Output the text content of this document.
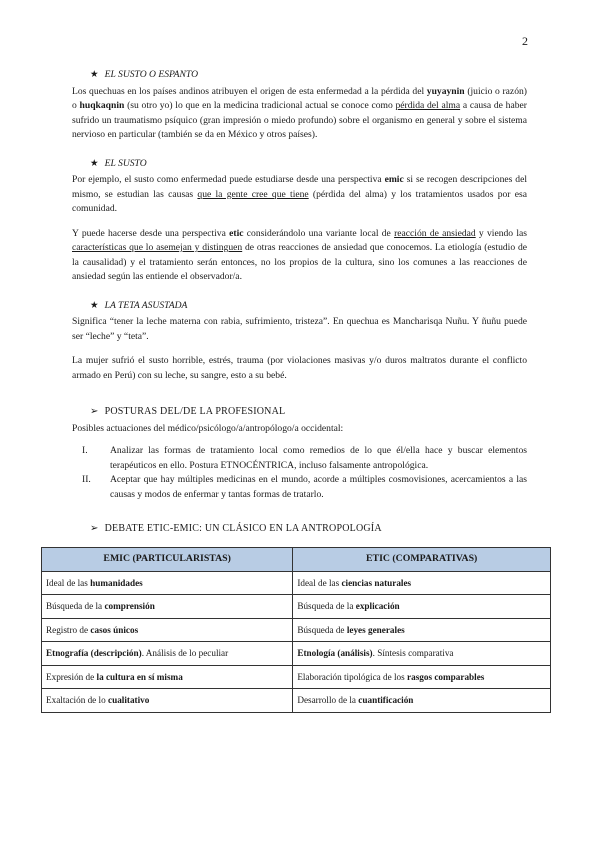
2

★ EL SUSTO O ESPANTO

Los quechuas en los países andinos atribuyen el origen de esta enfermedad a la pérdida del yuyaynin (juicio o razón) o huqkaqnin (su otro yo) lo que en la medicina tradicional actual se conoce como pérdida del alma a causa de haber sufrido un traumatismo psíquico (gran impresión o miedo profundo) sobre el organismo en general y sobre el sistema nervioso en particular (también se da en México y otros países).

★ EL SUSTO

Por ejemplo, el susto como enfermedad puede estudiarse desde una perspectiva emic si se recogen descripciones del mismo, se estudian las causas que la gente cree que tiene (pérdida del alma) y los tratamientos usados por esa comunidad.

Y puede hacerse desde una perspectiva etic considerándolo una variante local de reacción de ansiedad y viendo las características que lo asemejan y distinguen de otras reacciones de ansiedad que conocemos. La etiología (estudio de la causalidad) y el tratamiento serán entonces, no los propios de la cultura, sino los comunes a las reacciones de ansiedad según las entiende el observador/a.

★ LA TETA ASUSTADA

Significa “tener la leche materna con rabia, sufrimiento, tristeza”. En quechua es Mancharisqa Nuñu. Y ñuñu puede ser “leche” y “teta”.

La mujer sufrió el susto horrible, estrés, trauma (por violaciones masivas y/o duros maltratos durante el conflicto armado en Perú) con su leche, su sangre, esto a su bebé.

➢ POSTURAS DEL/DE LA PROFESIONAL

Posibles actuaciones del médico/psicólogo/a/antropólogo/a occidental:

I. Analizar las formas de tratamiento local como remedios de lo que él/ella hace y buscar elementos terapéuticos en ello. Postura ETNOCÉNTRICA, incluso falsamente antropológica.
II. Aceptar que hay múltiples medicinas en el mundo, acorde a múltiples cosmovisiones, acercamientos a las causas y modos de enfermar y tantas formas de tratarlo.

➢ DEBATE ETIC-EMIC: UN CLÁSICO EN LA ANTROPOLOGÍA

EMIC (PARTICULARISTAS)	ETIC (COMPARATIVAS)
Ideal de las humanidades	Ideal de las ciencias naturales
Búsqueda de la comprensión	Búsqueda de la explicación
Registro de casos únicos	Búsqueda de leyes generales
Etnografía (descripción). Análisis de lo peculiar	Etnología (análisis). Síntesis comparativa
Expresión de la cultura en sí misma	Elaboración tipológica de los rasgos comparables
Exaltación de lo cualitativo	Desarrollo de la cuantificación
